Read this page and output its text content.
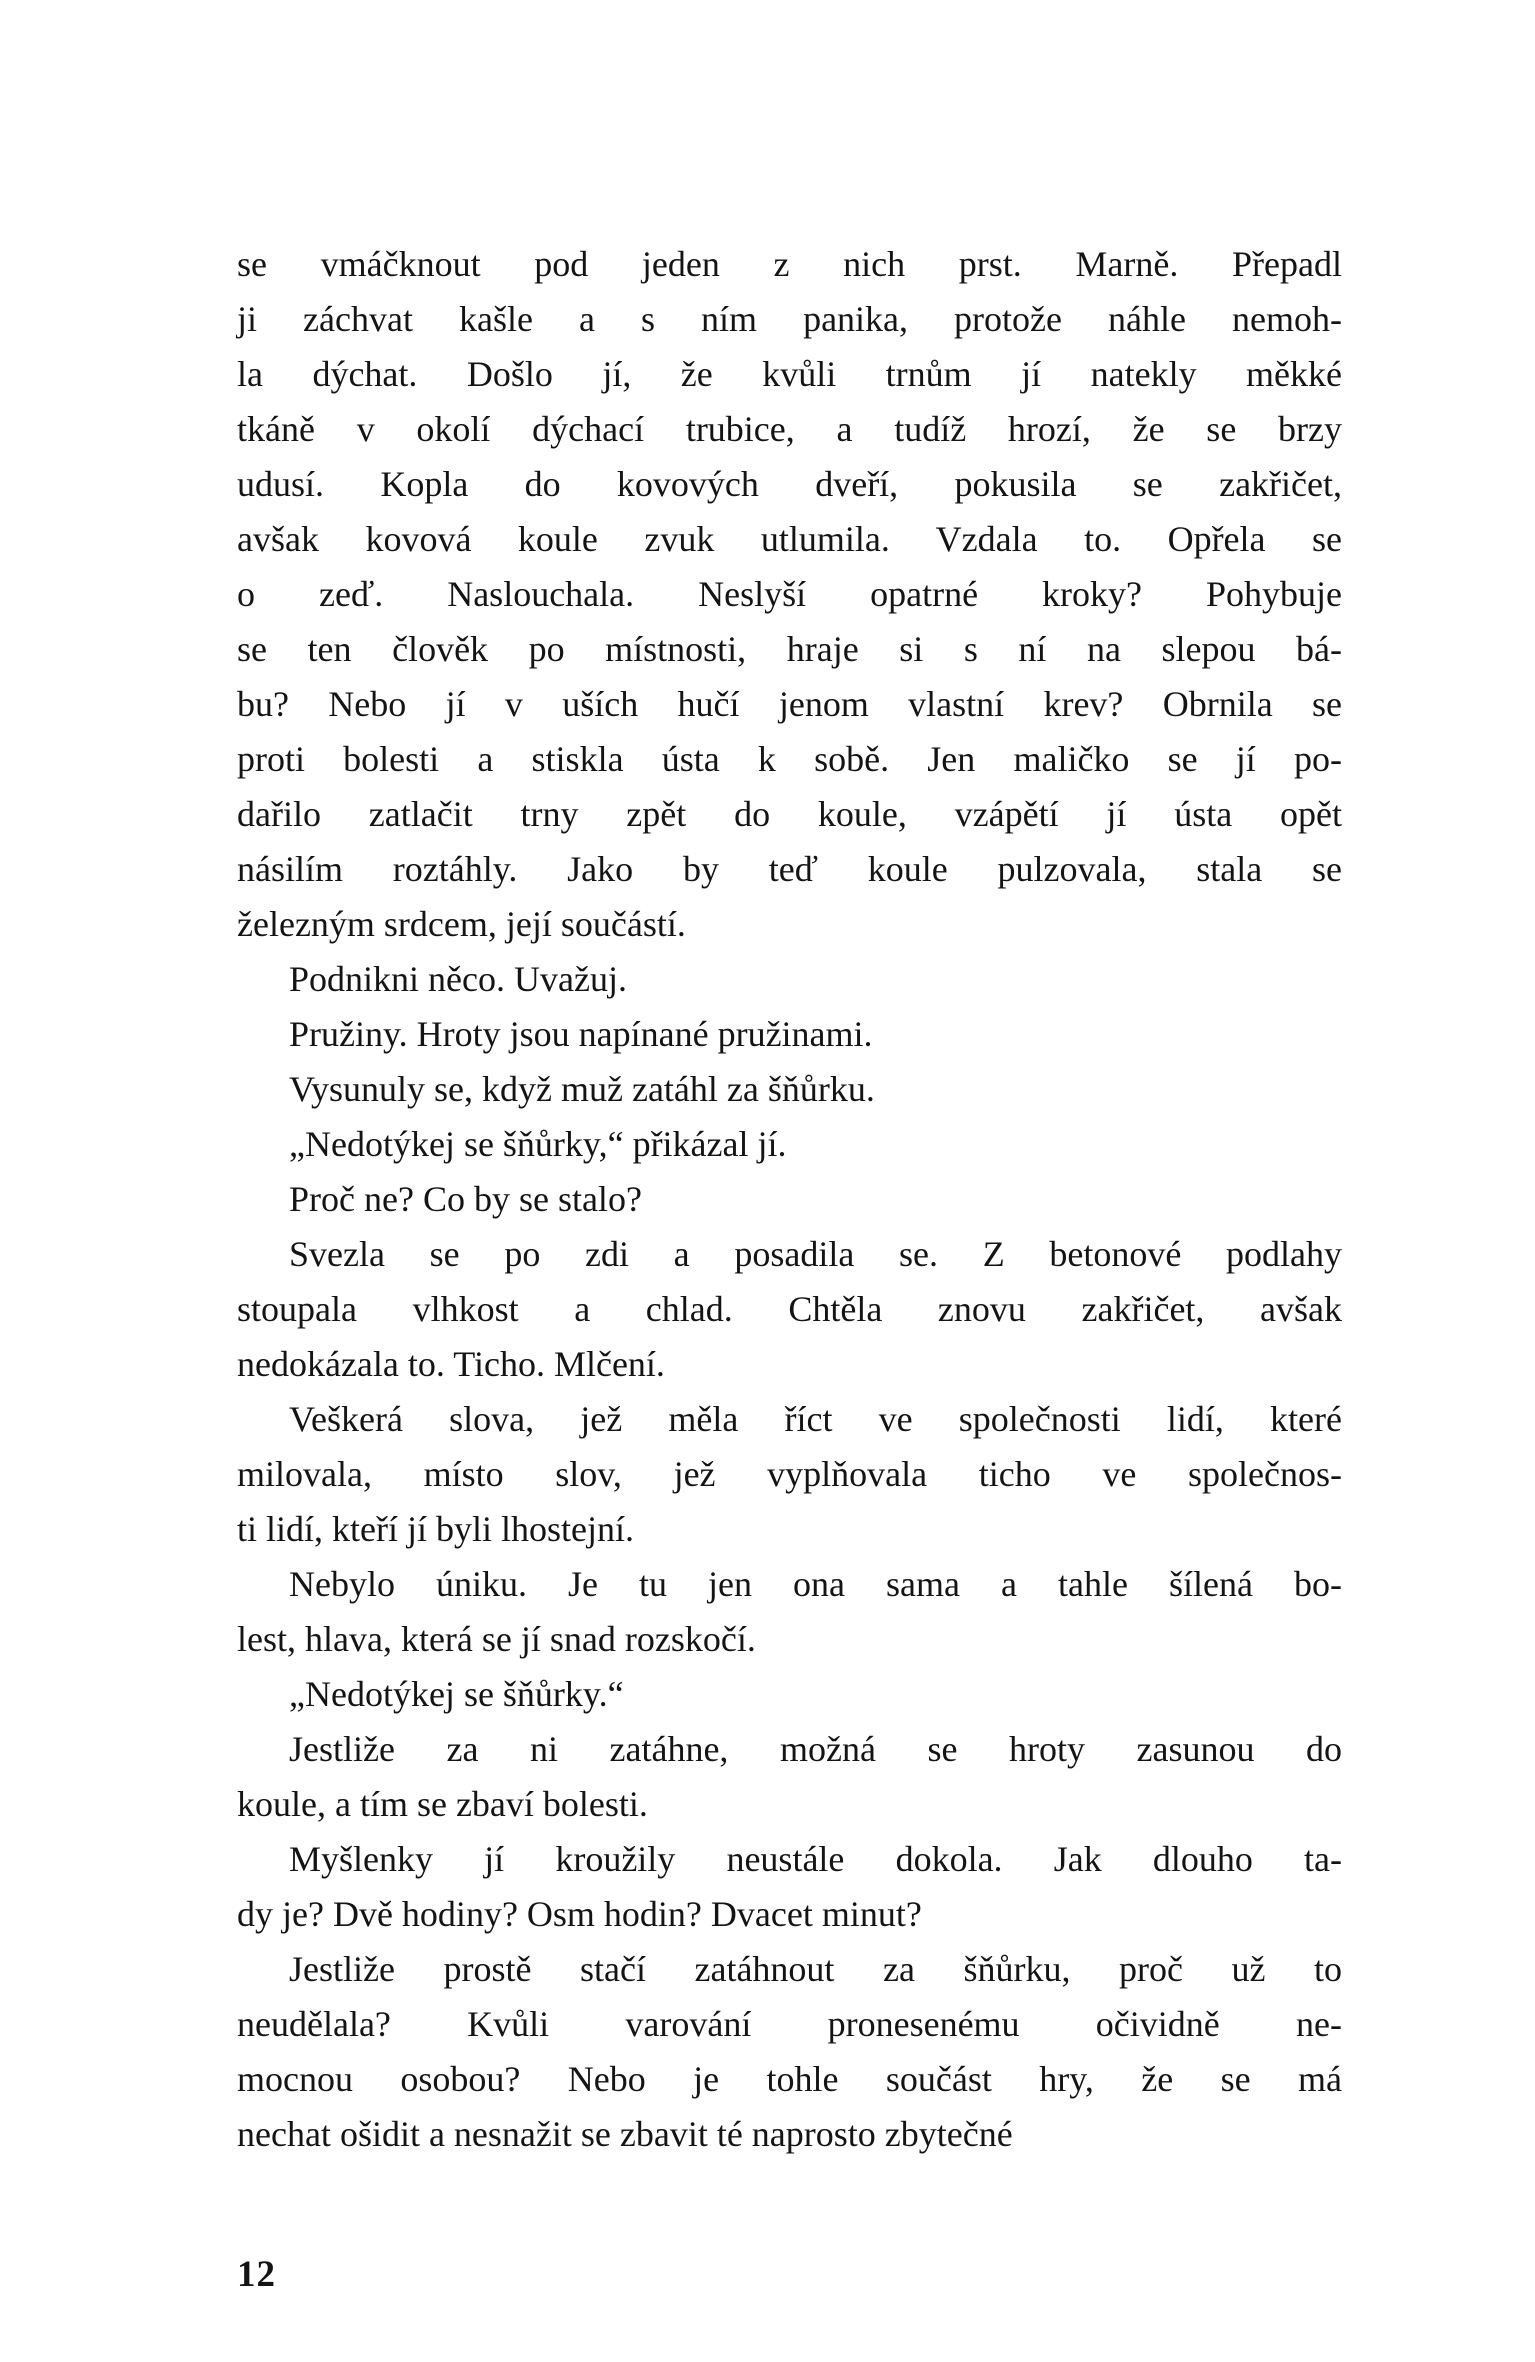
se vmáčknout pod jeden z nich prst. Marně. Přepadl
ji záchvat kašle a s ním panika, protože náhle nemoh-
la dýchat. Došlo jí, že kvůli trnům jí natekly měkké
tkáně v okolí dýchací trubice, a tudíž hrozí, že se brzy
udusí. Kopla do kovových dveří, pokusila se zakřičet,
avšak kovová koule zvuk utlumila. Vzdala to. Opřela se
o zeď. Naslouchala. Neslyší opatrné kroky? Pohybuje
se ten člověk po místnosti, hraje si s ní na slepou bá-
bu? Nebo jí v uších hučí jenom vlastní krev? Obrnila se
proti bolesti a stiskla ústa k sobě. Jen maličko se jí po-
dařilo zatlačit trny zpět do koule, vzápětí jí ústa opět
násilím roztáhly. Jako by teď koule pulzovala, stala se
železným srdcem, její součástí.

Podnikni něco. Uvažuj.

Pružiny. Hroty jsou napínané pružinami.

Vysunuly se, když muž zatáhl za šňůrku.

„Nedotýkej se šňůrky,“ přikázal jí.

Proč ne? Co by se stalo?

Svezla se po zdi a posadila se. Z betonové podlahy
stoupala vlhkost a chlad. Chtěla znovu zakřičet, avšak
nedokázala to. Ticho. Mlčení.

Veškerá slova, jež měla říct ve společnosti lidí, které
milovala, místo slov, jež vyplňovala ticho ve společnos-
ti lidí, kteří jí byli lhostejní.

Nebylo úniku. Je tu jen ona sama a tahle šílená bo-
lest, hlava, která se jí snad rozskočí.

„Nedotýkej se šňůrky.“

Jestliže za ni zatáhne, možná se hroty zasunou do
koule, a tím se zbaví bolesti.

Myšlenky jí kroužily neustále dokola. Jak dlouho ta-
dy je? Dvě hodiny? Osm hodin? Dvacet minut?

Jestliže prostě stačí zatáhnout za šňůrku, proč už to
neudělala? Kvůli varování pronesenému očividně ne-
mocnou osobou? Nebo je tohle součást hry, že se má
nechat ošidit a nesnažit se zbavit té naprosto zbytečné

12
